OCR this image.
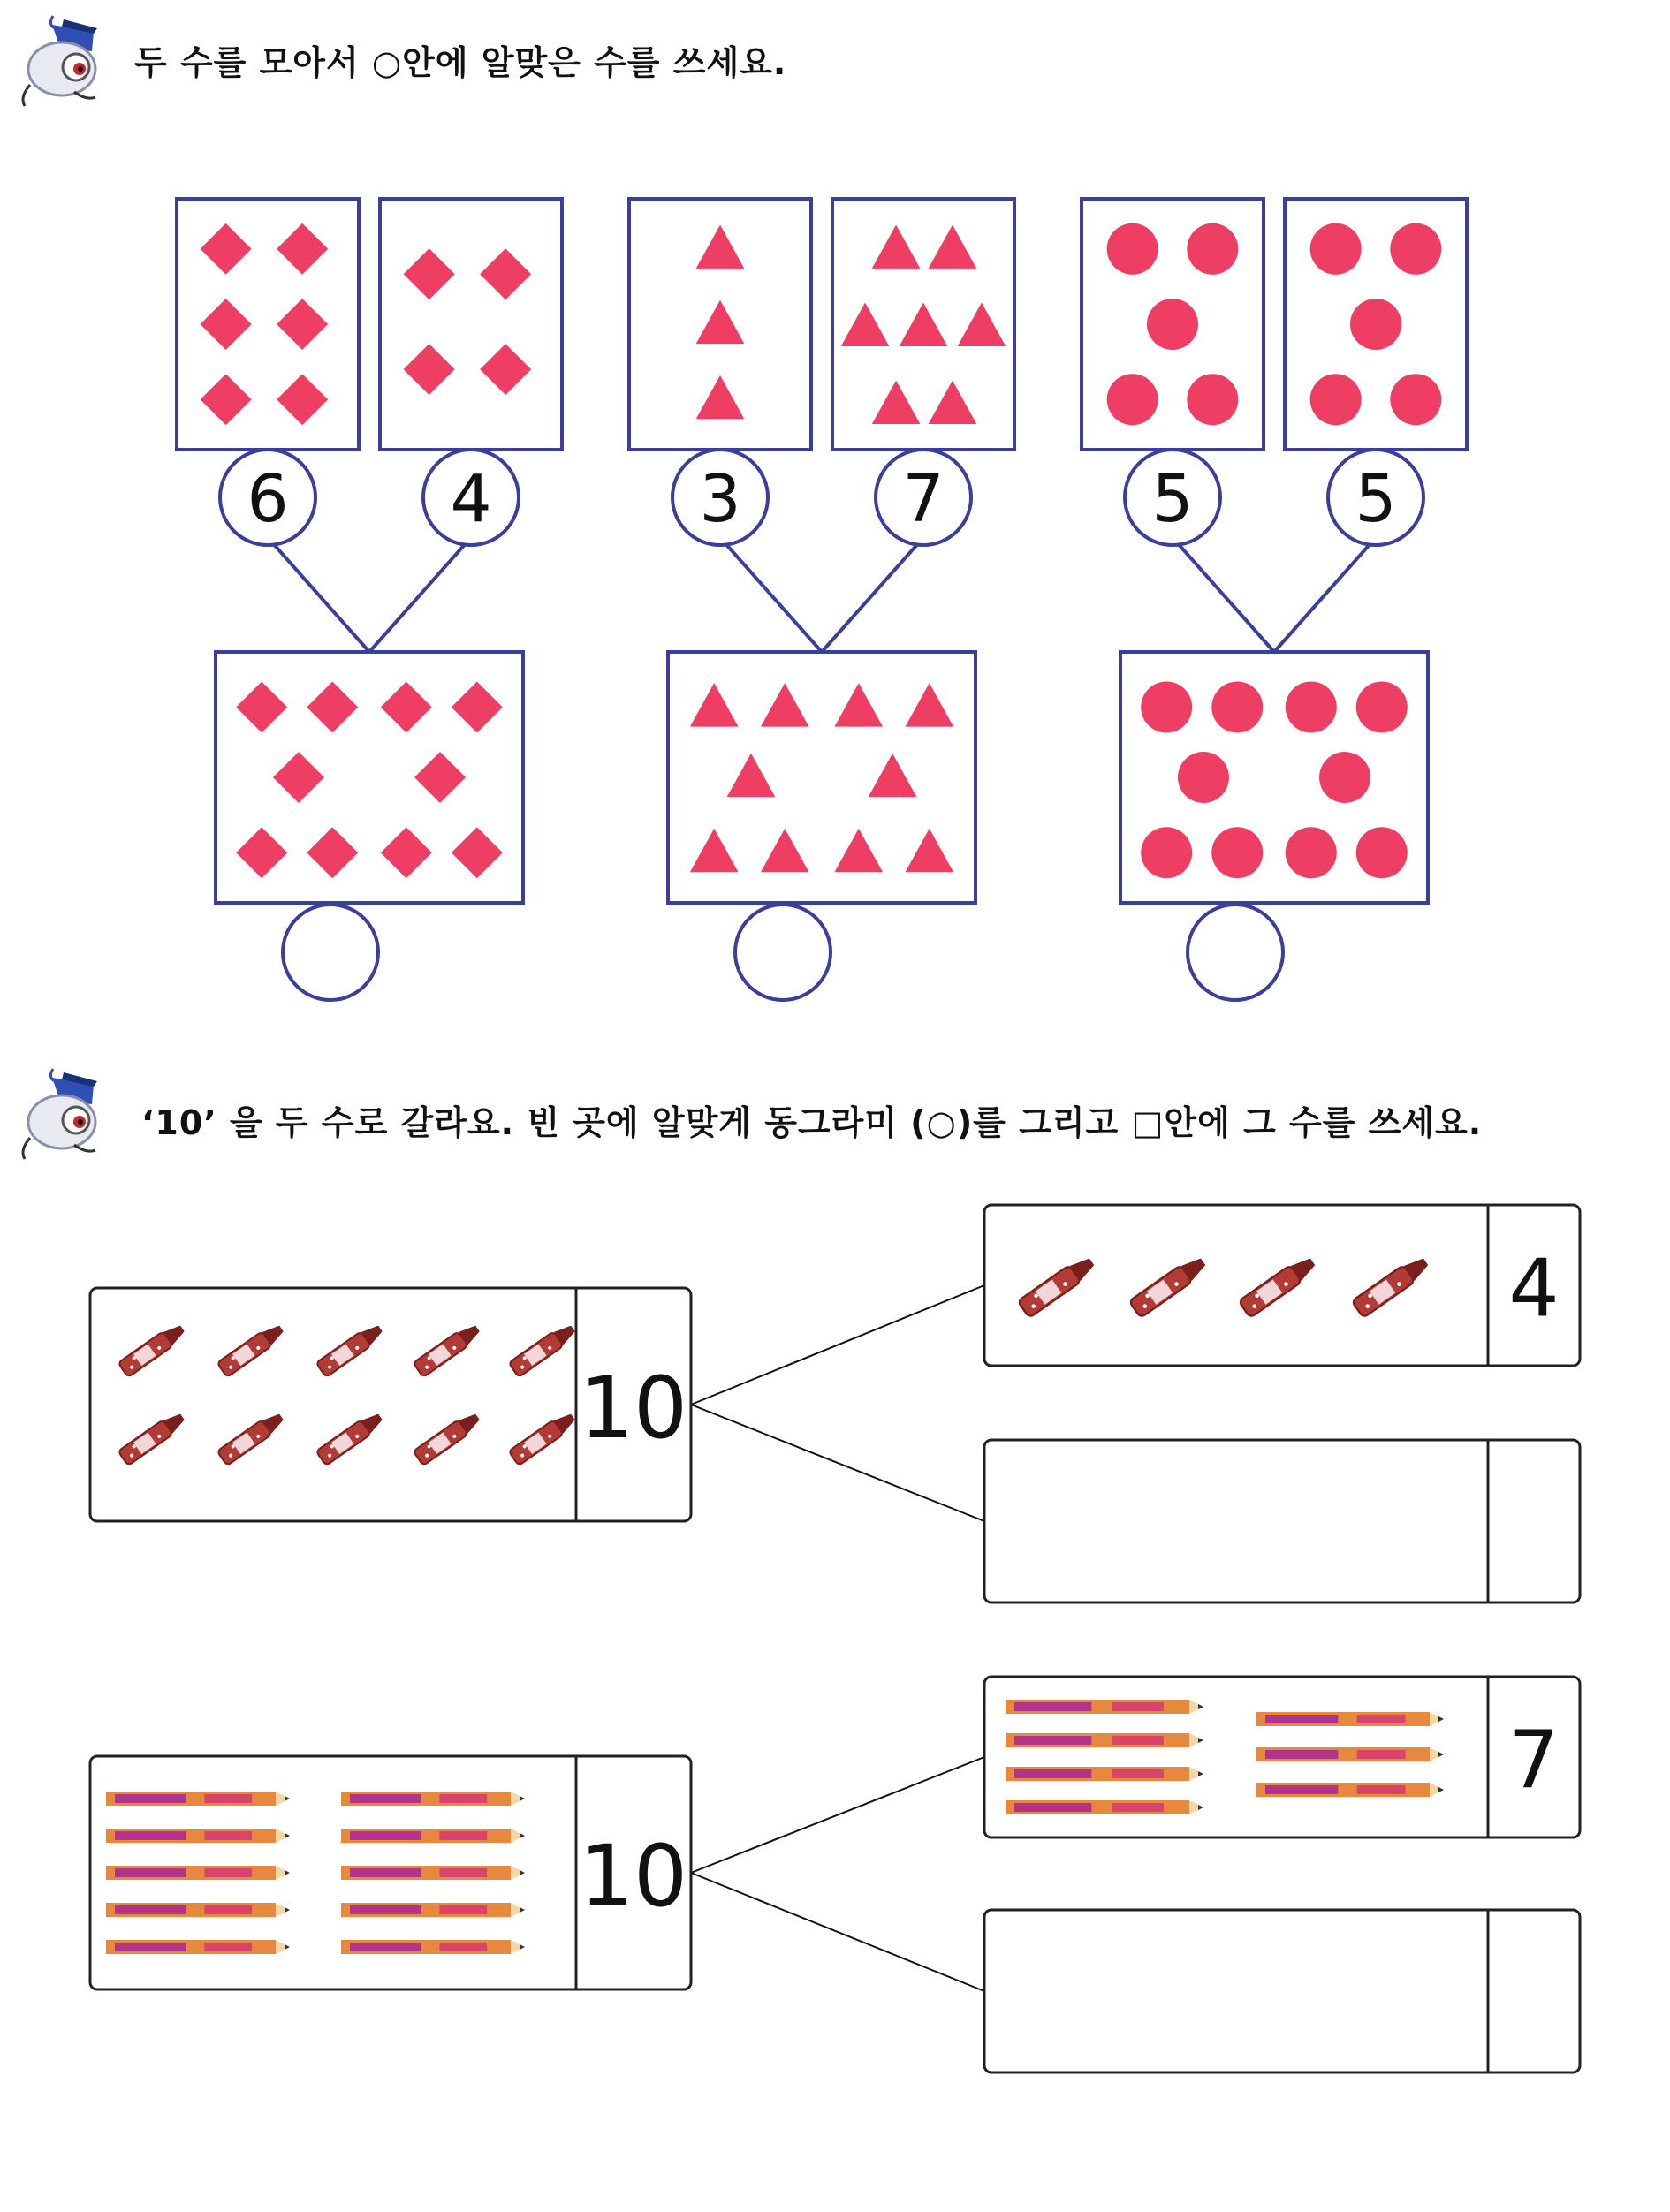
두 수를 모아서 ○안에 알맞은 수를 쓰세요.
6 4	3 7	5 5
‘10’ 을 두 수로 갈라요. 빈 곳에 알맞게 동그라미 (○)를 그리고 □안에 그 수를 쓰세요.
10
4
10
7
